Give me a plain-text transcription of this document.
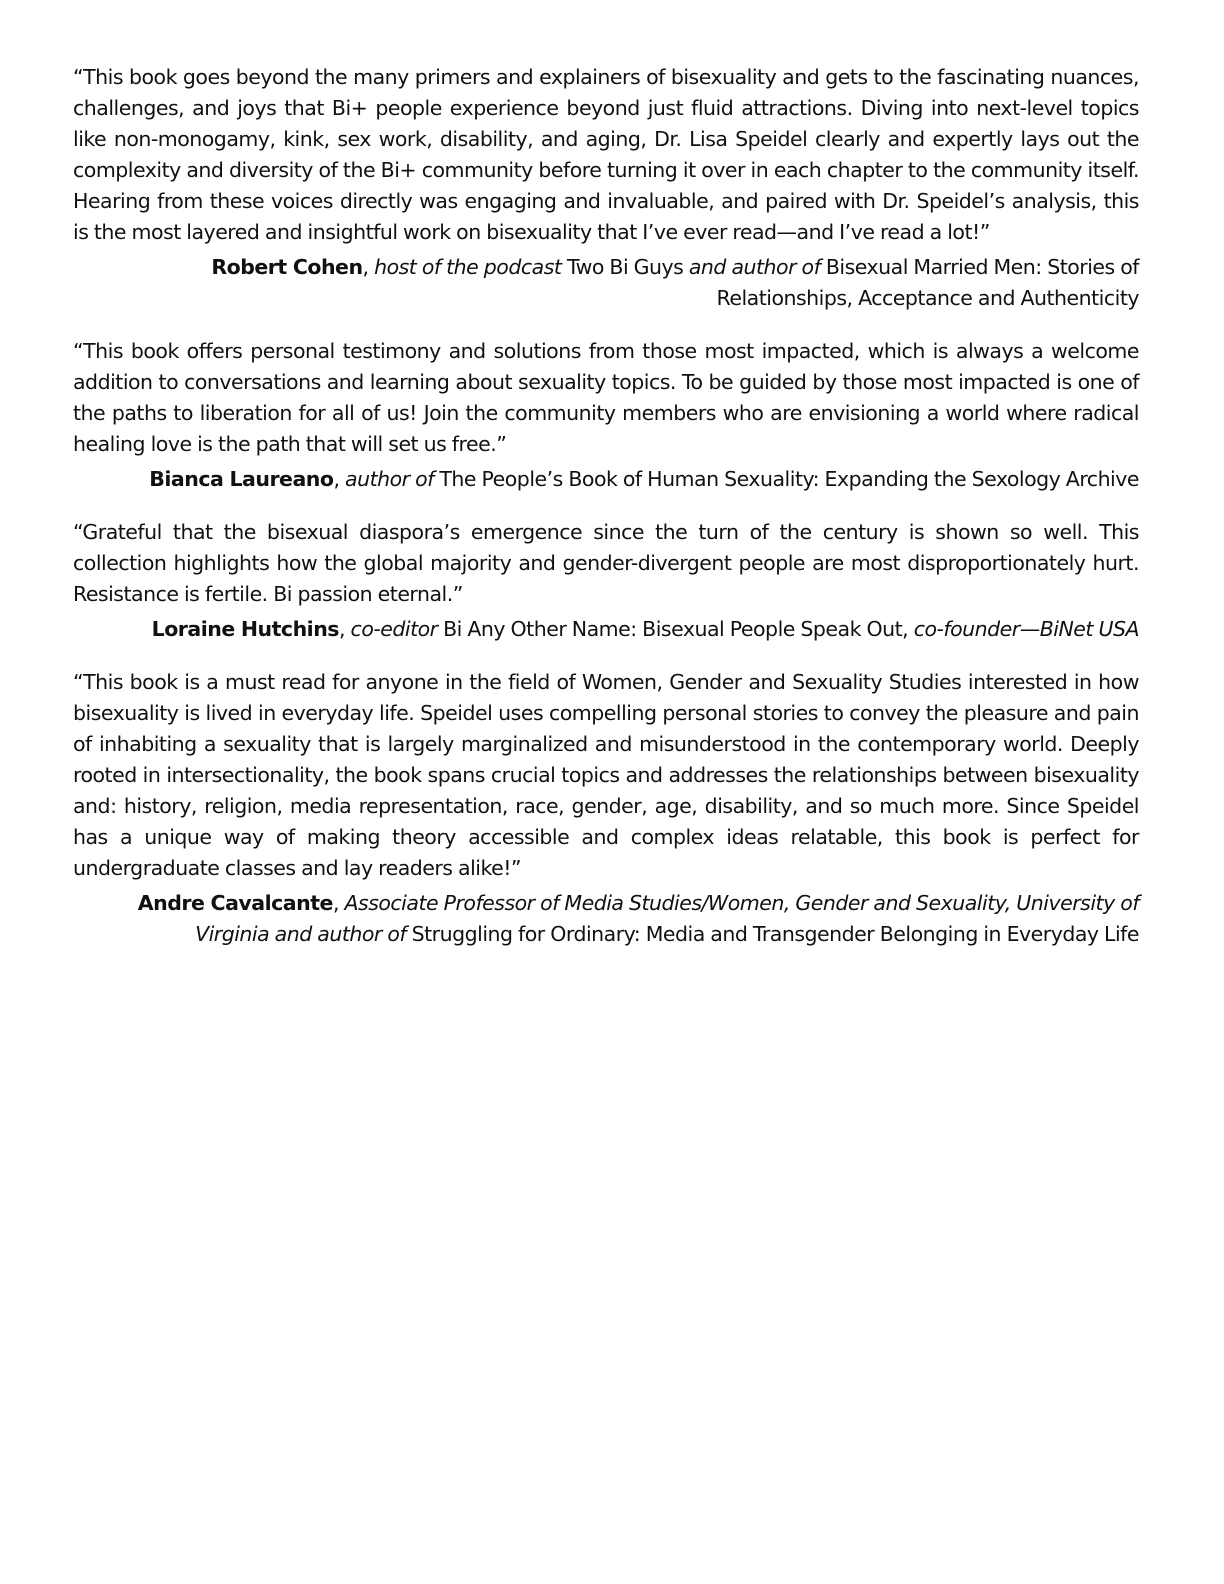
“This book goes beyond the many primers and explainers of bisexuality and gets to the fascinating nuances, challenges, and joys that Bi+ people experience beyond just fluid attractions. Diving into next-level topics like non-monogamy, kink, sex work, disability, and aging, Dr. Lisa Speidel clearly and expertly lays out the complexity and diversity of the Bi+ community before turning it over in each chapter to the community itself. Hearing from these voices directly was engaging and invaluable, and paired with Dr. Speidel’s analysis, this is the most layered and insightful work on bisexuality that I’ve ever read—and I’ve read a lot!”

Robert Cohen, host of the podcast Two Bi Guys and author of Bisexual Married Men: Stories of Relationships, Acceptance and Authenticity

“This book offers personal testimony and solutions from those most impacted, which is always a welcome addition to conversations and learning about sexuality topics. To be guided by those most impacted is one of the paths to liberation for all of us! Join the community members who are envisioning a world where radical healing love is the path that will set us free.”

Bianca Laureano, author of The People’s Book of Human Sexuality: Expanding the Sexology Archive

“Grateful that the bisexual diaspora’s emergence since the turn of the century is shown so well. This collection highlights how the global majority and gender-divergent people are most disproportionately hurt. Resistance is fertile. Bi passion eternal.”

Loraine Hutchins, co-editor Bi Any Other Name: Bisexual People Speak Out, co-founder—BiNet USA

“This book is a must read for anyone in the field of Women, Gender and Sexuality Studies interested in how bisexuality is lived in everyday life. Speidel uses compelling personal stories to convey the pleasure and pain of inhabiting a sexuality that is largely marginalized and misunderstood in the contemporary world. Deeply rooted in intersectionality, the book spans crucial topics and addresses the relationships between bisexuality and: history, religion, media representation, race, gender, age, disability, and so much more. Since Speidel has a unique way of making theory accessible and complex ideas relatable, this book is perfect for undergraduate classes and lay readers alike!”

Andre Cavalcante, Associate Professor of Media Studies/Women, Gender and Sexuality, University of Virginia and author of Struggling for Ordinary: Media and Transgender Belonging in Everyday Life
